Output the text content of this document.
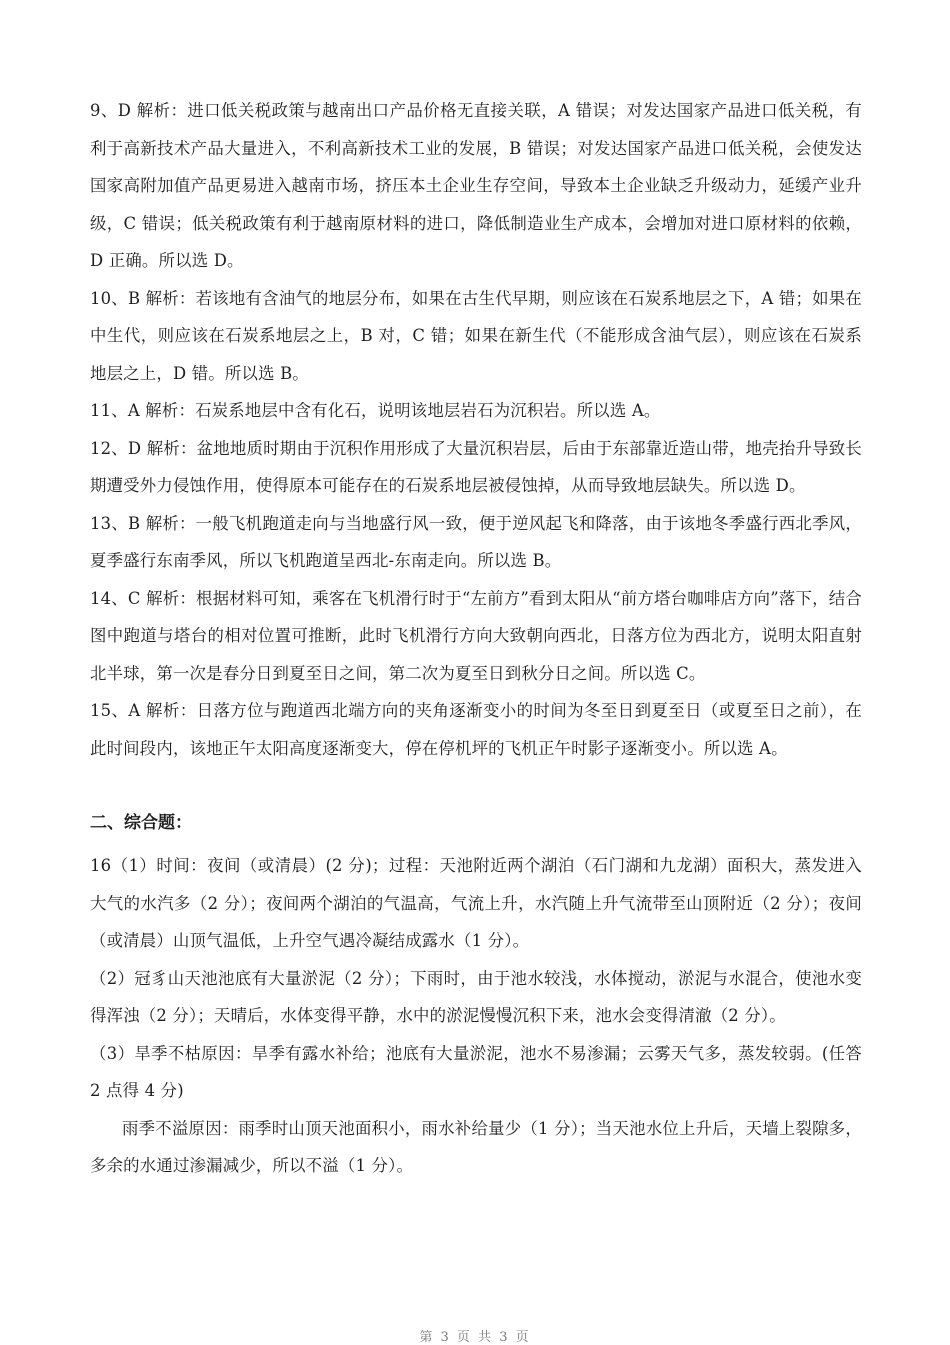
9、D 解析：进口低关税政策与越南出口产品价格无直接关联，A 错误；对发达国家产品进口低关税，有利于高新技术产品大量进入，不利高新技术工业的发展，B 错误；对发达国家产品进口低关税，会使发达国家高附加值产品更易进入越南市场，挤压本土企业生存空间，导致本土企业缺乏升级动力，延缓产业升级，C 错误；低关税政策有利于越南原材料的进口，降低制造业生产成本，会增加对进口原材料的依赖，D 正确。所以选 D。

10、B 解析：若该地有含油气的地层分布，如果在古生代早期，则应该在石炭系地层之下，A 错；如果在中生代，则应该在石炭系地层之上，B 对，C 错；如果在新生代（不能形成含油气层），则应该在石炭系地层之上，D 错。所以选 B。

11、A 解析：石炭系地层中含有化石，说明该地层岩石为沉积岩。所以选 A。

12、D 解析：盆地地质时期由于沉积作用形成了大量沉积岩层，后由于东部靠近造山带，地壳抬升导致长期遭受外力侵蚀作用，使得原本可能存在的石炭系地层被侵蚀掉，从而导致地层缺失。所以选 D。

13、B 解析：一般飞机跑道走向与当地盛行风一致，便于逆风起飞和降落，由于该地冬季盛行西北季风，夏季盛行东南季风，所以飞机跑道呈西北-东南走向。所以选 B。

14、C 解析：根据材料可知，乘客在飞机滑行时于“左前方”看到太阳从“前方塔台咖啡店方向”落下，结合图中跑道与塔台的相对位置可推断，此时飞机滑行方向大致朝向西北，日落方位为西北方，说明太阳直射北半球，第一次是春分日到夏至日之间，第二次为夏至日到秋分日之间。所以选 C。

15、A 解析：日落方位与跑道西北端方向的夹角逐渐变小的时间为冬至日到夏至日（或夏至日之前），在此时间段内，该地正午太阳高度逐渐变大，停在停机坪的飞机正午时影子逐渐变小。所以选 A。

二、综合题：

16（1）时间：夜间（或清晨）(2 分)；过程：天池附近两个湖泊（石门湖和九龙湖）面积大，蒸发进入大气的水汽多（2 分）；夜间两个湖泊的气温高，气流上升，水汽随上升气流带至山顶附近（2 分）；夜间（或清晨）山顶气温低，上升空气遇冷凝结成露水（1 分）。

（2）冠豸山天池池底有大量淤泥（2 分）；下雨时，由于池水较浅，水体搅动，淤泥与水混合，使池水变得浑浊（2 分）；天晴后，水体变得平静，水中的淤泥慢慢沉积下来，池水会变得清澈（2 分）。

（3）旱季不枯原因：旱季有露水补给；池底有大量淤泥，池水不易渗漏；云雾天气多，蒸发较弱。(任答 2 点得 4 分)

雨季不溢原因：雨季时山顶天池面积小，雨水补给量少（1 分）；当天池水位上升后，天墙上裂隙多，多余的水通过渗漏减少，所以不溢（1 分）。

第 3 页 共 3 页
